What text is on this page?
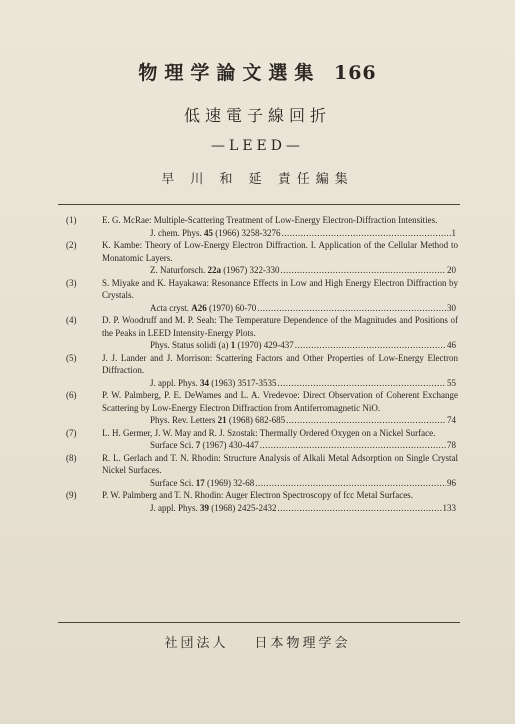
物理学論文選集 166
低速電子線回折
—LEED—
早 川 和 延 責任編集
(1)	E. G. McRae: Multiple-Scattering Treatment of Low-Energy Electron-Diffraction Intensities.
J. chem. Phys.
45
(1966) 3258-3276 .....	1
(2)	K. Kambe: Theory of Low-Energy Electron Diffraction. I. Application of the Cellular Method to Monatomic Layers.
Z. Naturforsch.
22a
(1967) 322-330 .....	20
(3)	S. Miyake and K. Hayakawa: Resonance Effects in Low and High Energy Electron Diffraction by Crystals.
Acta cryst.
A26
(1970) 60-70 .....	30
(4)	D. P. Woodruff and M. P. Seah: The Temperature Dependence of the Magnitudes and Positions of the Peaks in LEED Intensity-Energy Plots.
Phys. Status solidi (a)
1
(1970) 429-437 .....	46
(5)	J. J. Lander and J. Morrison: Scattering Factors and Other Properties of Low-Energy Electron Diffraction.
J. appl. Phys.
34
(1963) 3517-3535 .....	55
(6)	P. W. Palmberg, P. E. DeWames and L. A. Vredevoe: Direct Observation of Coherent Exchange Scattering by Low-Energy Electron Diffraction from Antiferromagnetic NiO.
Phys. Rev. Letters
21
(1968) 682-685 .....	74
(7)	L. H. Germer, J. W. May and R. J. Szostak: Thermally Ordered Oxygen on a Nickel Surface.
Surface Sci.
7
(1967) 430-447 .....	78
(8)	R. L. Gerlach and T. N. Rhodin: Structure Analysis of Alkali Metal Adsorption on Single Crystal Nickel Surfaces.
Surface Sci.
17
(1969) 32-68 .....	96
(9)	P. W. Palmberg and T. N. Rhodin: Auger Electron Spectroscopy of fcc Metal Surfaces.
J. appl. Phys.
39
(1968) 2425-2432 .....	133
社団法人 日本物理学会
